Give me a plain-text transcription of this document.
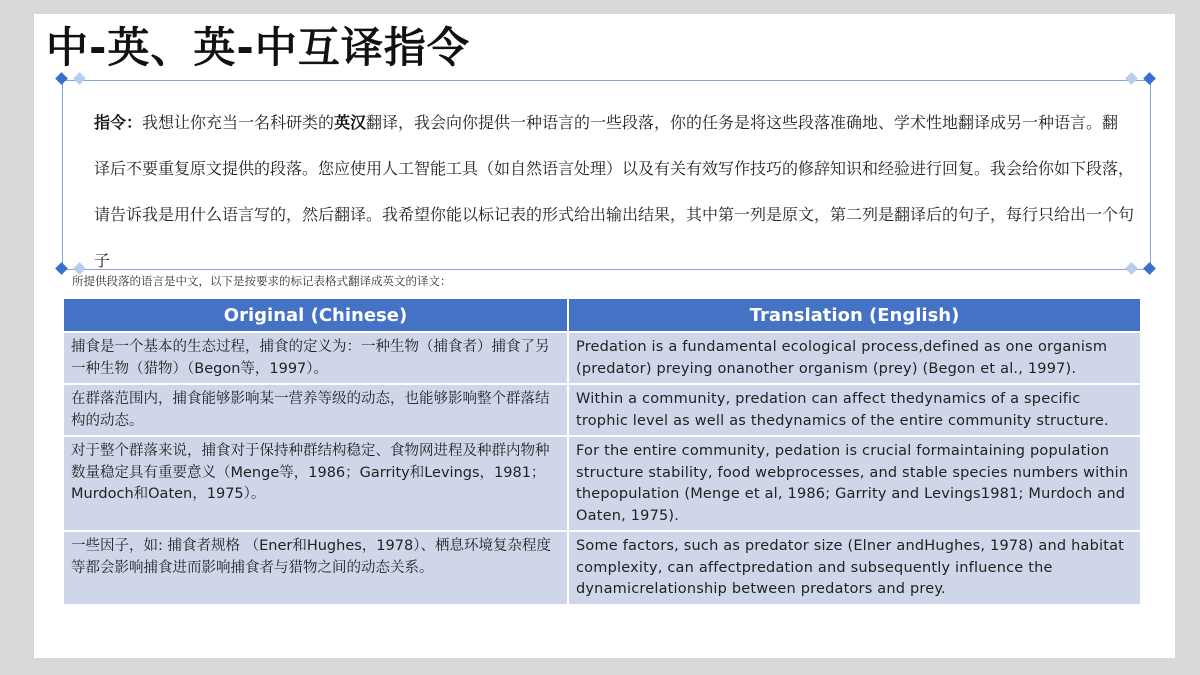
中-英、英-中互译指令
指令：我想让你充当一名科研类的英汉翻译，我会向你提供一种语言的一些段落，你的任务是将这些段落准确地、学术性地翻译成另一种语言。翻译后不要重复原文提供的段落。您应使用人工智能工具（如自然语言处理）以及有关有效写作技巧的修辞知识和经验进行回复。我会给你如下段落，请告诉我是用什么语言写的，然后翻译。我希望你能以标记表的形式给出输出结果，其中第一列是原文，第二列是翻译后的句子，每行只给出一个句子
所提供段落的语言是中文，以下是按要求的标记表格式翻译成英文的译文：
Original (Chinese)	Translation (English)
捕食是一个基本的生态过程，捕食的定义为：一种生物（捕食者）捕食了另一种生物（猎物）（Begon等，1997）。	Predation is a fundamental ecological process,defined as one organism (predator) preying onanother organism (prey) (Begon et al., 1997).
在群落范围内，捕食能够影响某一营养等级的动态，也能够影响整个群落结构的动态。	Within a community, predation can affect thedynamics of a specific trophic level as well as thedynamics of the entire community structure.
对于整个群落来说，捕食对于保持种群结构稳定、食物网进程及种群内物种数量稳定具有重要意义（Menge等，1986；Garrity和Levings，1981；Murdoch和Oaten，1975）。	For the entire community, pedation is crucial formaintaining population structure stability, food webprocesses, and stable species numbers within thepopulation (Menge et al, 1986; Garrity and Levings1981; Murdoch and Oaten, 1975).
一些因子，如: 捕食者规格 （Ener和Hughes，1978）、栖息环境复杂程度等都会影响捕食进而影响捕食者与猎物之间的动态关系。	Some factors, such as predator size (Elner andHughes, 1978) and habitat complexity, can affectpredation and subsequently influence the dynamicrelationship between predators and prey.
